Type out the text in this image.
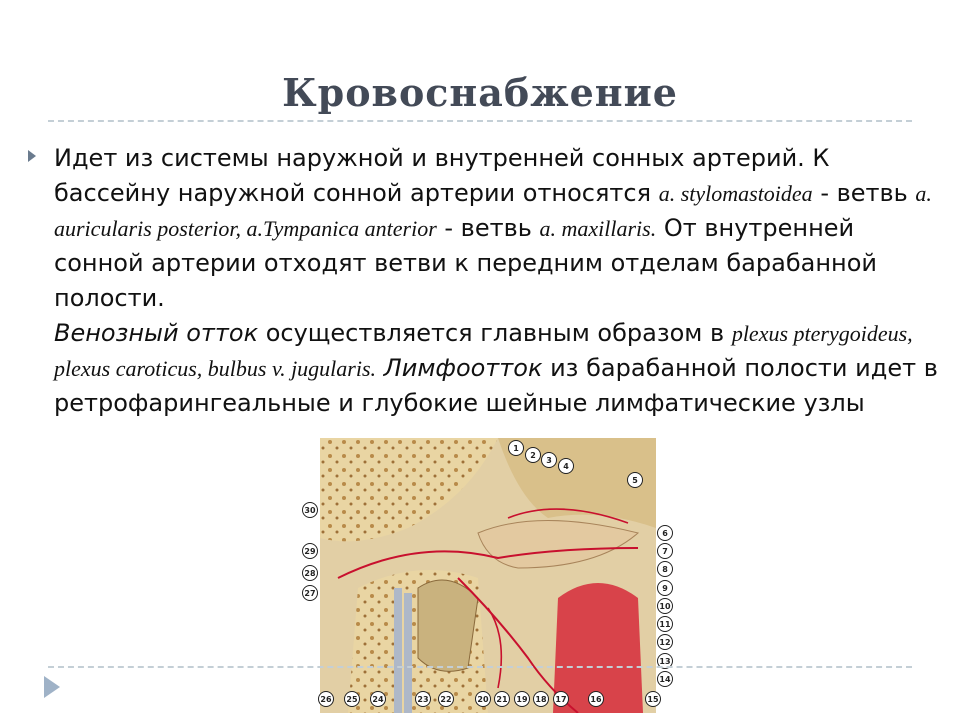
Кровоснабжение
Идет из системы наружной и внутренней сонных артерий. К бассейну наружной сонной артерии относятся a. stylomastoidea - ветвь a. auricularis posterior, a.Tympanica anterior - ветвь a. maxillaris. От внутренней сонной артерии отходят ветви к передним отделам барабанной полости.
Венозный отток осуществляется главным образом в plexus pterygoideus, plexus caroticus, bulbus v. jugularis. Лимфоотток из барабанной полости идет в ретрофарингеальные и глубокие шейные лимфатические узлы
1
2
3
4
5
6
7
8
9
10
11
12
13
14
15
16
17
18
19
20 21
22
23
24
25
26
27
28
29
30
